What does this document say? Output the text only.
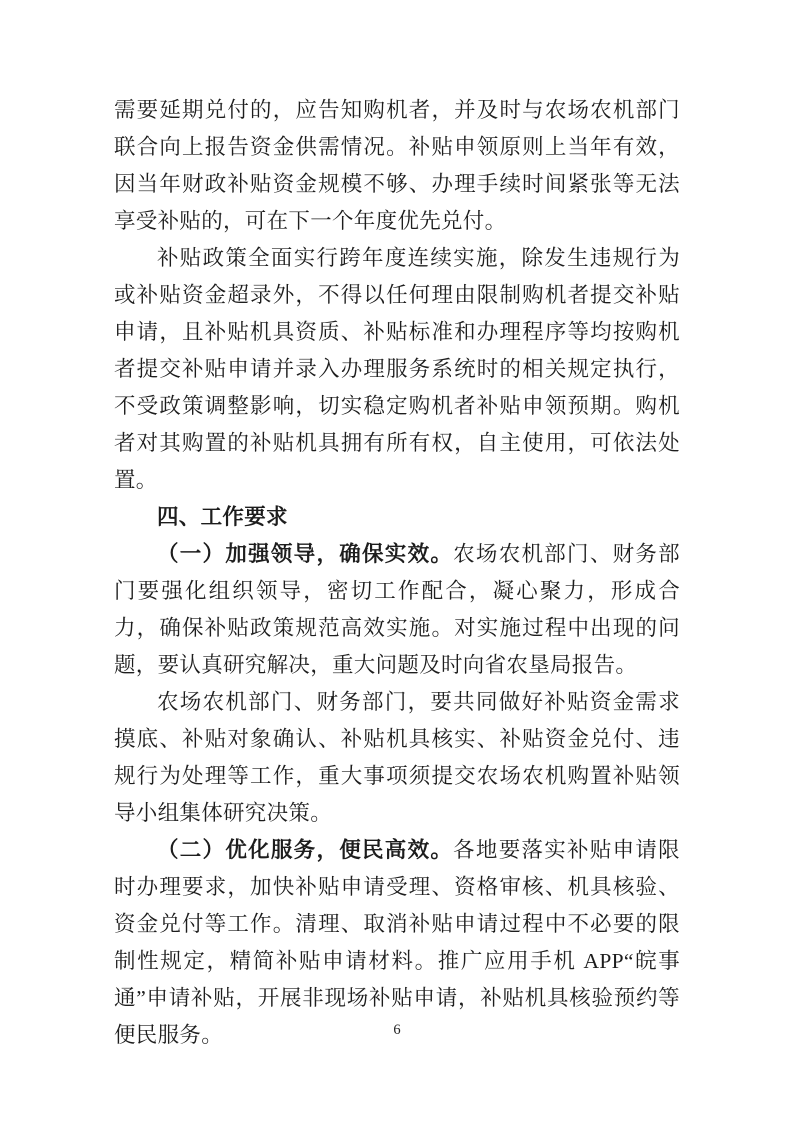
需要延期兑付的，应告知购机者，并及时与农场农机部门联合向上报告资金供需情况。补贴申领原则上当年有效，因当年财政补贴资金规模不够、办理手续时间紧张等无法享受补贴的，可在下一个年度优先兑付。

补贴政策全面实行跨年度连续实施，除发生违规行为或补贴资金超录外，不得以任何理由限制购机者提交补贴申请，且补贴机具资质、补贴标准和办理程序等均按购机者提交补贴申请并录入办理服务系统时的相关规定执行，不受政策调整影响，切实稳定购机者补贴申领预期。购机者对其购置的补贴机具拥有所有权，自主使用，可依法处置。

四、工作要求

（一）加强领导，确保实效。农场农机部门、财务部门要强化组织领导，密切工作配合，凝心聚力，形成合力，确保补贴政策规范高效实施。对实施过程中出现的问题，要认真研究解决，重大问题及时向省农垦局报告。

农场农机部门、财务部门，要共同做好补贴资金需求摸底、补贴对象确认、补贴机具核实、补贴资金兑付、违规行为处理等工作，重大事项须提交农场农机购置补贴领导小组集体研究决策。

（二）优化服务，便民高效。各地要落实补贴申请限时办理要求，加快补贴申请受理、资格审核、机具核验、资金兑付等工作。清理、取消补贴申请过程中不必要的限制性规定，精简补贴申请材料。推广应用手机 APP“皖事通”申请补贴，开展非现场补贴申请，补贴机具核验预约等便民服务。	6
